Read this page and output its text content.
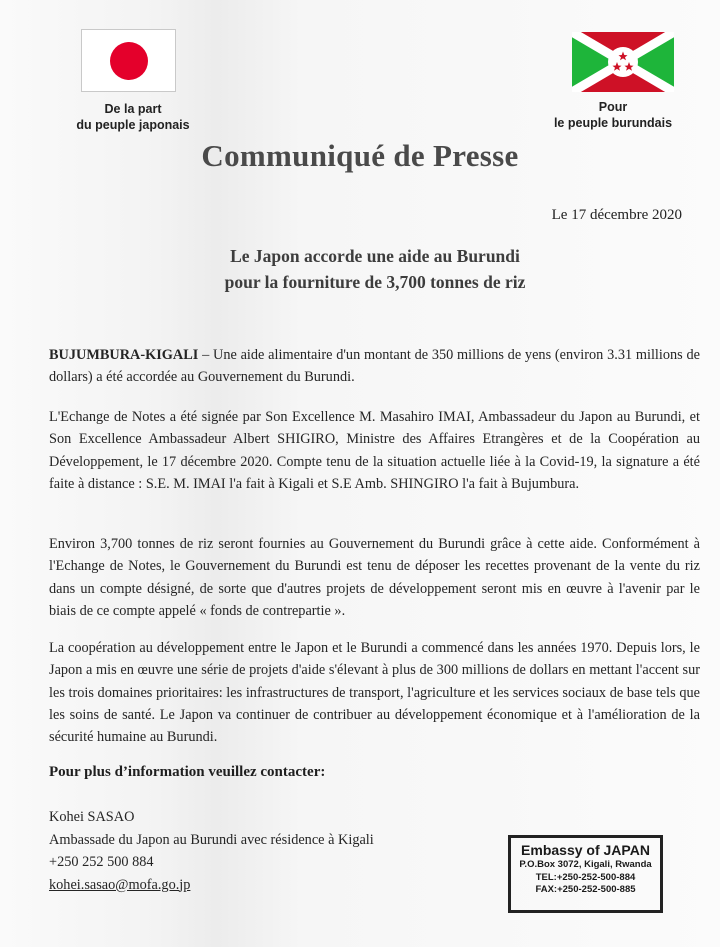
De la part
du peuple japonais
Pour
le peuple burundais
Communiqué de Presse
Le 17 décembre 2020
Le Japon accorde une aide au Burundi
pour la fourniture de 3,700 tonnes de riz
BUJUMBURA-KIGALI – Une aide alimentaire d'un montant de 350 millions de yens (environ 3.31 millions de dollars) a été accordée au Gouvernement du Burundi.
L'Echange de Notes a été signée par Son Excellence M. Masahiro IMAI, Ambassadeur du Japon au Burundi, et Son Excellence Ambassadeur Albert SHIGIRO, Ministre des Affaires Etrangères et de la Coopération au Développement, le 17 décembre 2020. Compte tenu de la situation actuelle liée à la Covid-19, la signature a été faite à distance : S.E. M. IMAI l'a fait à Kigali et S.E Amb. SHINGIRO l'a fait à Bujumbura.
Environ 3,700 tonnes de riz seront fournies au Gouvernement du Burundi grâce à cette aide. Conformément à l'Echange de Notes, le Gouvernement du Burundi est tenu de déposer les recettes provenant de la vente du riz dans un compte désigné, de sorte que d'autres projets de développement seront mis en œuvre à l'avenir par le biais de ce compte appelé « fonds de contrepartie ».
La coopération au développement entre le Japon et le Burundi a commencé dans les années 1970. Depuis lors, le Japon a mis en œuvre une série de projets d'aide s'élevant à plus de 300 millions de dollars en mettant l'accent sur les trois domaines prioritaires: les infrastructures de transport, l'agriculture et les services sociaux de base tels que les soins de santé. Le Japon va continuer de contribuer au développement économique et à l'amélioration de la sécurité humaine au Burundi.
Pour plus d’information veuillez contacter:
Kohei SASAO
Ambassade du Japon au Burundi avec résidence à Kigali
+250 252 500 884
kohei.sasao@mofa.go.jp
Embassy of JAPAN
P.O.Box 3072, Kigali, Rwanda
TEL:+250-252-500-884
FAX:+250-252-500-885
